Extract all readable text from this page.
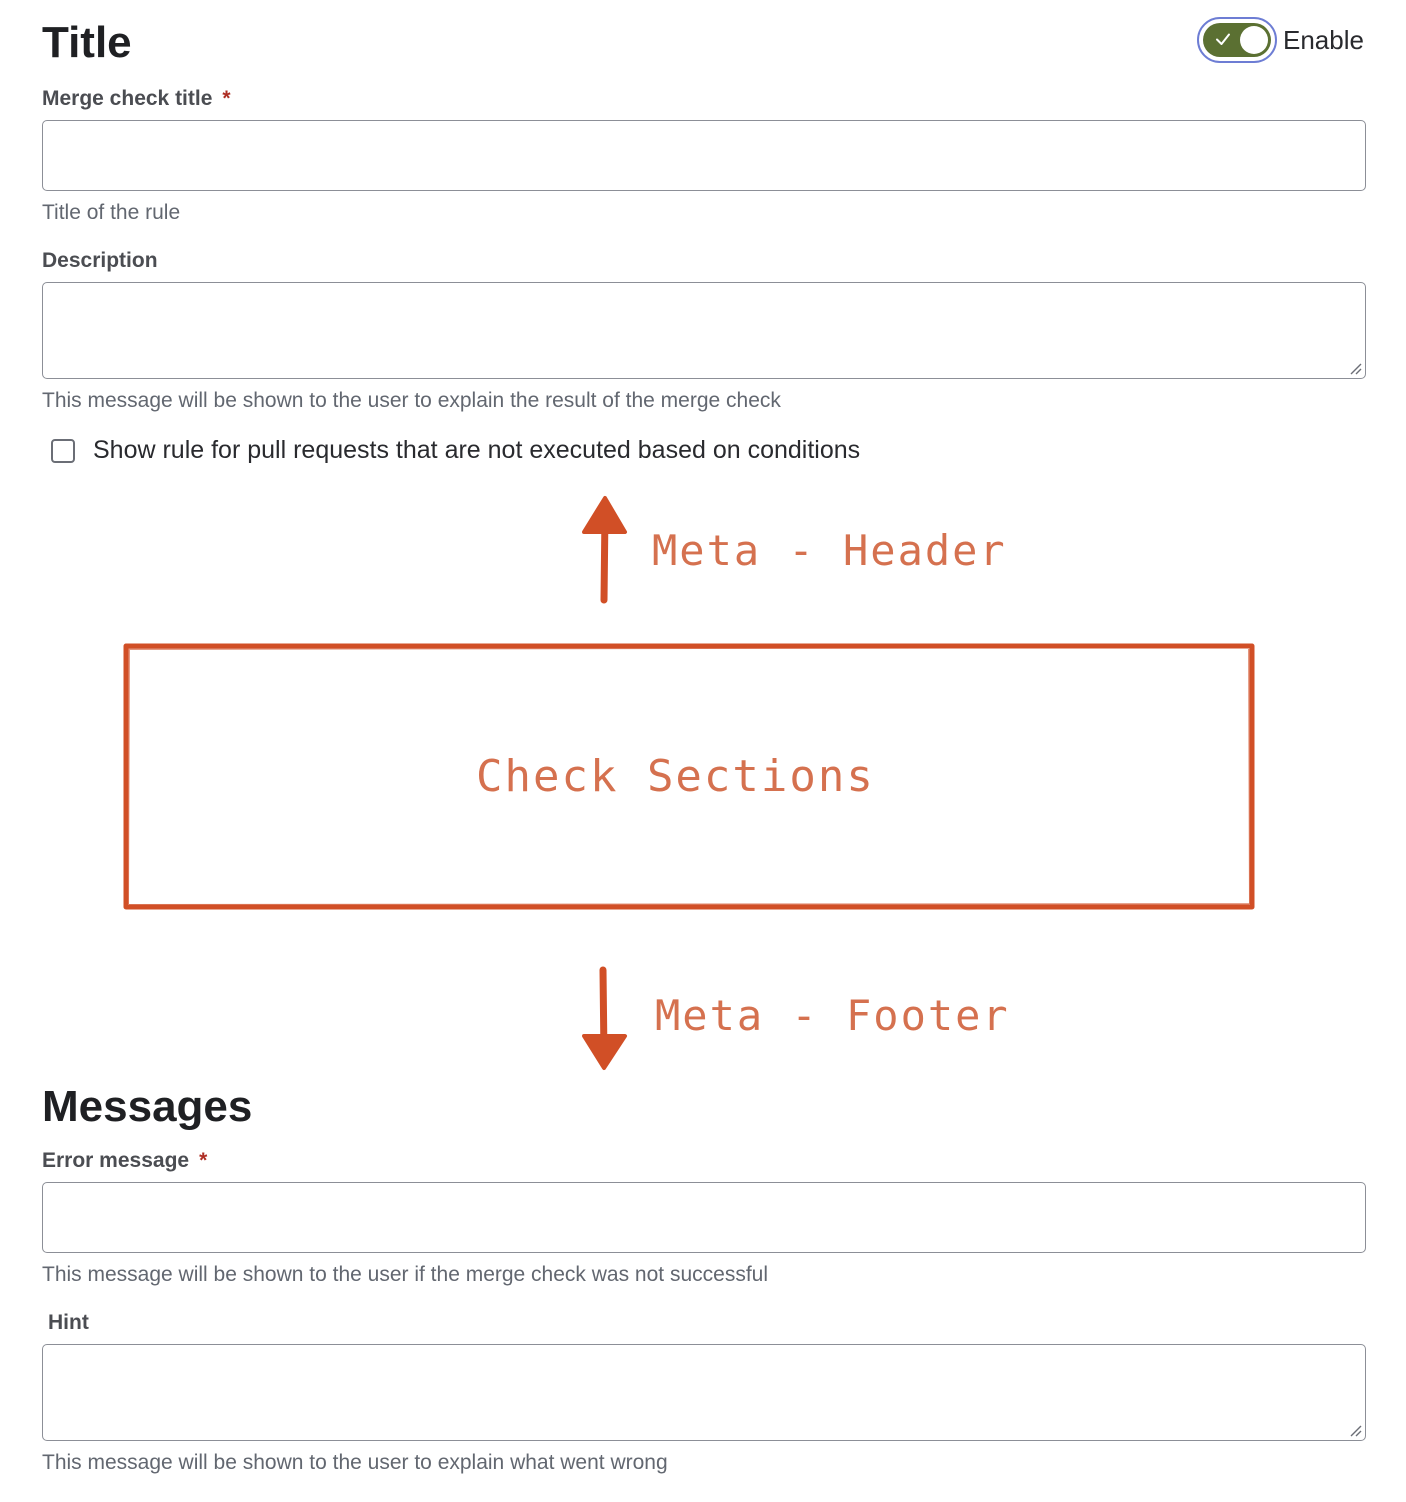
Title	Enable
Merge check title *
Title of the rule
Description
This message will be shown to the user to explain the result of the merge check
Show rule for pull requests that are not executed based on conditions
Meta - Header
Check Sections
Meta - Footer
Messages
Error message *
This message will be shown to the user if the merge check was not successful
Hint
This message will be shown to the user to explain what went wrong
